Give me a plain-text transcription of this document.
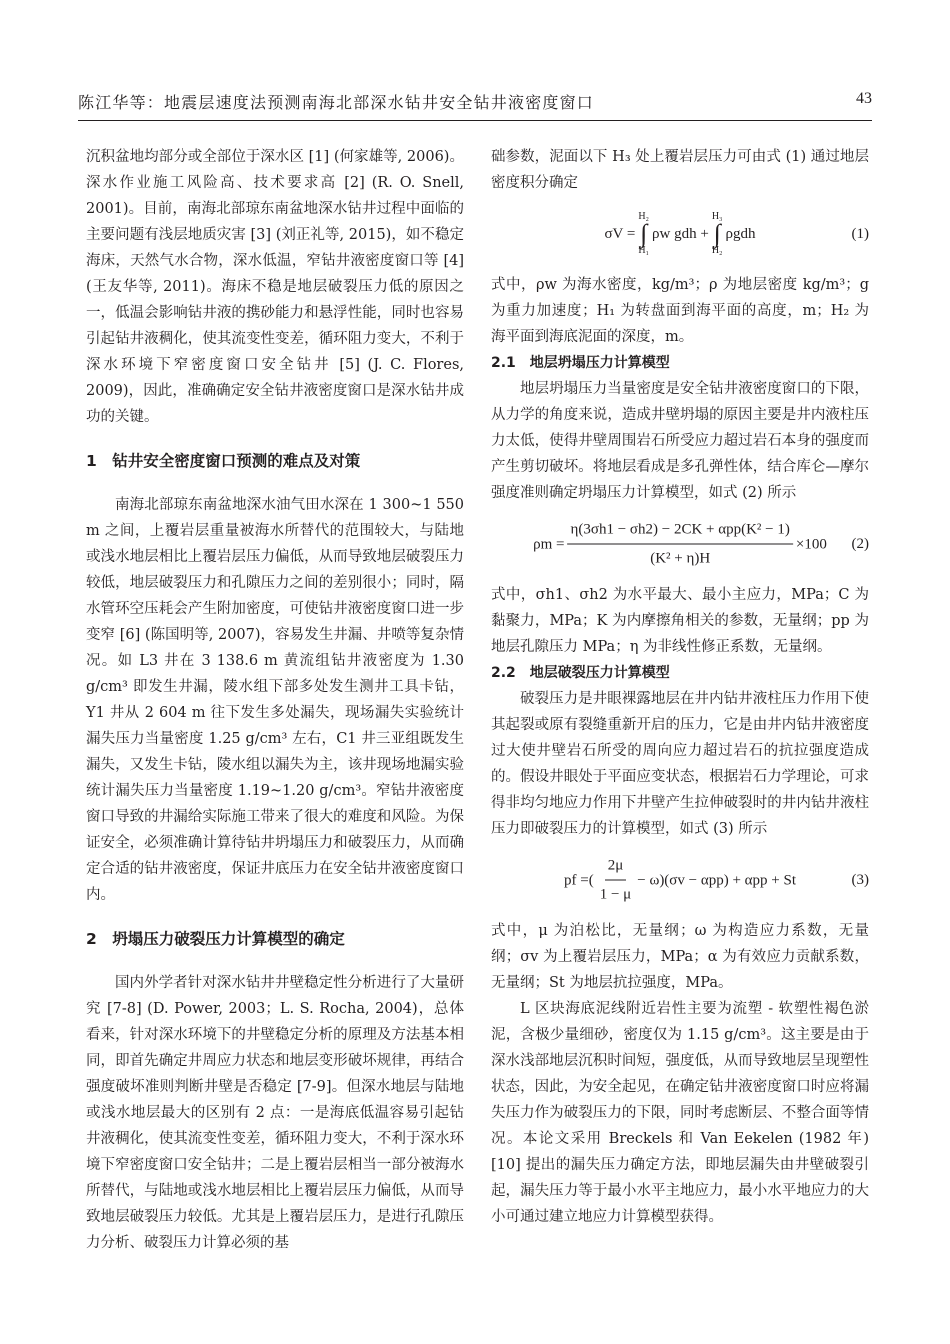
陈江华等：地震层速度法预测南海北部深水钻井安全钻井液密度窗口	43

沉积盆地均部分或全部位于深水区 [1] (何家雄等, 2006)。深水作业施工风险高、技术要求高 [2] (R. O. Snell, 2001)。目前，南海北部琼东南盆地深水钻井过程中面临的主要问题有浅层地质灾害 [3] (刘正礼等, 2015)，如不稳定海床，天然气水合物，深水低温，窄钻井液密度窗口等 [4] (王友华等, 2011)。海床不稳是地层破裂压力低的原因之一，低温会影响钻井液的携砂能力和悬浮性能，同时也容易引起钻井液稠化，使其流变性变差，循环阻力变大，不利于深水环境下窄密度窗口安全钻井 [5] (J. C. Flores, 2009)，因此，准确确定安全钻井液密度窗口是深水钻井成功的关键。

1　钻井安全密度窗口预测的难点及对策

南海北部琼东南盆地深水油气田水深在 1 300~1 550 m 之间，上覆岩层重量被海水所替代的范围较大，与陆地或浅水地层相比上覆岩层压力偏低，从而导致地层破裂压力较低，地层破裂压力和孔隙压力之间的差别很小；同时，隔水管环空压耗会产生附加密度，可使钻井液密度窗口进一步变窄 [6] (陈国明等, 2007)，容易发生井漏、井喷等复杂情况。如 L3 井在 3 138.6 m 黄流组钻井液密度为 1.30 g/cm³ 即发生井漏，陵水组下部多处发生测井工具卡钻，Y1 井从 2 604 m 往下发生多处漏失，现场漏失实验统计漏失压力当量密度 1.25 g/cm³ 左右，C1 井三亚组既发生漏失，又发生卡钻，陵水组以漏失为主，该井现场地漏实验统计漏失压力当量密度 1.19~1.20 g/cm³。窄钻井液密度窗口导致的井漏给实际施工带来了很大的难度和风险。为保证安全，必须准确计算待钻井坍塌压力和破裂压力，从而确定合适的钻井液密度，保证井底压力在安全钻井液密度窗口内。

2　坍塌压力破裂压力计算模型的确定

国内外学者针对深水钻井井壁稳定性分析进行了大量研究 [7-8] (D. Power, 2003；L. S. Rocha, 2004)，总体看来，针对深水环境下的井壁稳定分析的原理及方法基本相同，即首先确定井周应力状态和地层变形破坏规律，再结合强度破坏准则判断井壁是否稳定 [7-9]。但深水地层与陆地或浅水地层最大的区别有 2 点：一是海底低温容易引起钻井液稠化，使其流变性变差，循环阻力变大，不利于深水环境下窄密度窗口安全钻井；二是上覆岩层相当一部分被海水所替代，与陆地或浅水地层相比上覆岩层压力偏低，从而导致地层破裂压力较低。尤其是上覆岩层压力，是进行孔隙压力分析、破裂压力计算必须的基

础参数，泥面以下 H₃ 处上覆岩层压力可由式 (1) 通过地层密度积分确定

σV =
H₂
∫
H₁
ρw gdh +
H₃
∫
H₂
ρgdh	(1)

式中，ρw 为海水密度，kg/m³；ρ 为地层密度 kg/m³；g 为重力加速度；H₁ 为转盘面到海平面的高度，m；H₂ 为海平面到海底泥面的深度，m。

2.1　地层坍塌压力计算模型

地层坍塌压力当量密度是安全钻井液密度窗口的下限，从力学的角度来说，造成井壁坍塌的原因主要是井内液柱压力太低，使得井壁周围岩石所受应力超过岩石本身的强度而产生剪切破坏。将地层看成是多孔弹性体，结合库仑—摩尔强度准则确定坍塌压力计算模型，如式 (2) 所示

$\rho m = \frac{\text{η(3σh1 − σh2) − 2CK + αpp(K² − 1)}}{\text{(K² + η)H}} \times 100$ (2)

式中，σh1、σh2 为水平最大、最小主应力，MPa；C 为黏聚力，MPa；K 为内摩擦角相关的参数，无量纲；pp 为地层孔隙压力 MPa；η 为非线性修正系数，无量纲。

2.2　地层破裂压力计算模型

破裂压力是井眼裸露地层在井内钻井液柱压力作用下使其起裂或原有裂缝重新开启的压力，它是由井内钻井液密度过大使井壁岩石所受的周向应力超过岩石的抗拉强度造成的。假设井眼处于平面应变状态，根据岩石力学理论，可求得非均匀地应力作用下井壁产生拉伸破裂时的井内钻井液柱压力即破裂压力的计算模型，如式 (3) 所示

pf = ( $\frac{2\mu}{1 - \mu} - \omega)(\sigma v - \alpha pp) + \alpha pp + St$	(3)

式中，μ 为泊松比，无量纲；ω 为构造应力系数，无量纲；σv 为上覆岩层压力，MPa；α 为有效应力贡献系数，无量纲；St 为地层抗拉强度，MPa。

L 区块海底泥线附近岩性主要为流塑 - 软塑性褐色淤泥，含极少量细砂，密度仅为 1.15 g/cm³。这主要是由于深水浅部地层沉积时间短，强度低，从而导致地层呈现塑性状态，因此，为安全起见，在确定钻井液密度窗口时应将漏失压力作为破裂压力的下限，同时考虑断层、不整合面等情况。本论文采用 Breckels 和 Van Eekelen (1982 年) [10] 提出的漏失压力确定方法，即地层漏失由井壁破裂引起，漏失压力等于最小水平主地应力，最小水平地应力的大小可通过建立地应力计算模型获得。
